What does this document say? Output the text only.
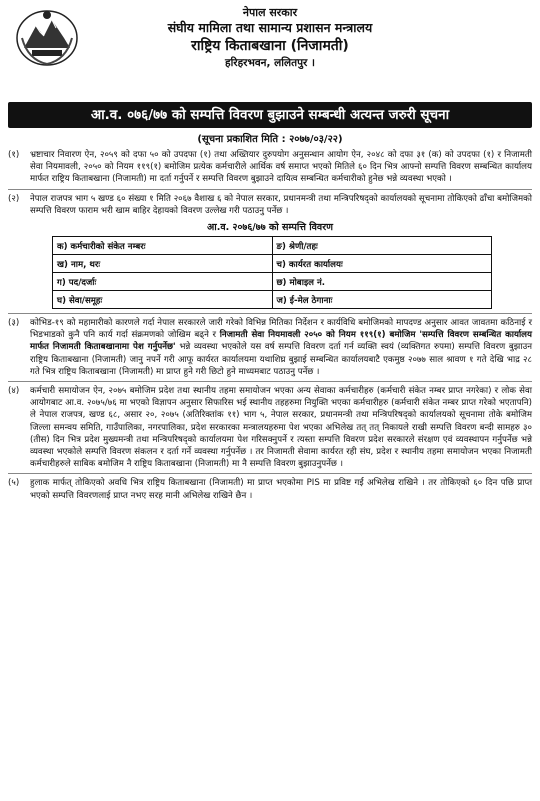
नेपाल सरकार
संघीय मामिला तथा सामान्य प्रशासन मन्त्रालय
राष्ट्रिय किताबखाना (निजामती)
हरिहरभवन, ललितपुर ।
आ.व. ०७६/७७ को सम्पत्ति विवरण बुझाउने सम्बन्धी अत्यन्त जरुरी सूचना
(सूचना प्रकाशित मिति : २०७७/०३/२२)
(१) भ्रष्टाचार निवारण ऐन, २०५९ को दफा ५० को उपदफा (१) तथा अख्तियार दुरुपयोग अनुसन्धान आयोग ऐन, २०४८ को दफा ३१ (क) को उपदफा (१) र निजामती सेवा नियमावली, २०५० को नियम ११९(१) बमोजिम प्रत्येक कर्मचारीले आर्थिक वर्ष समाप्त भएको मितिले ६० दिन भित्र आफ्नो सम्पत्ति विवरण सम्बन्धित कार्यालय मार्फत राष्ट्रिय किताबखाना (निजामती) मा दर्ता गर्नुपर्ने र सम्पत्ति विवरण बुझाउने दायित्व सम्बन्धित कर्मचारीको हुनेछ भन्ने व्यवस्था भएको ।
(२) नेपाल राजपत्र भाग ५ खण्ड ६० संख्या १ मिति २०६७ वैशाख ६ को नेपाल सरकार, प्रधानमन्त्री तथा मन्त्रिपरिषद्को कार्यालयको सूचनामा तोकिएको ढाँचा बमोजिमको सम्पत्ति विवरण फाराम भरी खाम बाहिर देहायको विवरण उल्लेख गरी पठाउनु पर्नेछ ।
आ.व. २०७६/७७ को सम्पत्ति विवरण
क) कर्मचारीको संकेत नम्बरः	ङ) श्रेणी/तहः
ख) नाम, थरः	च) कार्यरत कार्यालयः
ग) पद/दर्जाः	छ) मोबाइल नं.
घ) सेवा/समूहः	ज) ई-मेल ठेगानाः
(३) कोभिड-१९ को महामारीको कारणले गर्दा नेपाल सरकारले जारी गरेको विभिन्न मितिका निर्देशन र कार्यविधि बमोजिमको मापदण्ड अनुसार आवत जावतमा कठिनाई र भिडभाडको कुनै पनि कार्य गर्दा संक्रमणको जोखिम बढ्ने र निजामती सेवा नियमावली २०५० को नियम ११९(१) बमोजिम 'सम्पत्ति विवरण सम्बन्धित कार्यालय मार्फत निजामती किताबखानामा पेश गर्नुपर्नेछ' भन्ने व्यवस्था भएकोले यस वर्ष सम्पत्ति विवरण दर्ता गर्न व्यक्ति स्वयं (व्यक्तिगत रुपमा) सम्पत्ति विवरण बुझाउन राष्ट्रिय किताबखाना (निजामती) जानु नपर्ने गरी आफू कार्यरत कार्यालयमा यथाशिघ्र बुझाई सम्बन्धित कार्यालयबाटै एकमुष्ठ २०७७ साल श्रावण १ गते देखि भाद्र २८ गते भित्र राष्ट्रिय किताबखाना (निजामती) मा प्राप्त हुने गरी छिटो हुने माध्यमबाट पठाउनु पर्नेछ ।
(४) कर्मचारी समायोजन ऐन, २०७५ बमोजिम प्रदेश तथा स्थानीय तहमा समायोजन भएका अन्य सेवाका कर्मचारीहरु (कर्मचारी संकेत नम्बर प्राप्त नगरेका) र लोक सेवा आयोगबाट आ.व. २०७५/७६ मा भएको विज्ञापन अनुसार सिफारिस भई स्थानीय तहहरुमा नियुक्ति भएका कर्मचारीहरु (कर्मचारी संकेत नम्बर प्राप्त गरेको भएतापनि) ले नेपाल राजपत्र, खण्ड ६८, असार २०, २०७५ (अतिरिक्तांक ११) भाग ५, नेपाल सरकार, प्रधानमन्त्री तथा मन्त्रिपरिषद्को कार्यालयको सूचनामा तोके बमोजिम जिल्ला समन्वय समिति, गाउँपालिका, नगरपालिका, प्रदेश सरकारका मन्त्रालयहरुमा पेश भएका अभिलेख तत् तत् निकायले राखी सम्पत्ति विवरण बन्दी सामहरु ३० (तीस) दिन भित्र प्रदेश मुख्यमन्त्री तथा मन्त्रिपरिषद्को कार्यालयमा पेश गरिसक्नुपर्ने र त्यस्ता सम्पत्ति विवरण प्रदेश सरकारले संरक्षण एवं व्यवस्थापन गर्नुपर्नेछ भन्ने व्यवस्था भएकोले सम्पत्ति विवरण संकलन र दर्ता गर्ने व्यवस्था गर्नुपर्नेछ । तर निजामती सेवामा कार्यरत रही संघ, प्रदेश र स्थानीय तहमा समायोजन भएका निजामती कर्मचारीहरुले साबिक बमोजिम नै राष्ट्रिय किताबखाना (निजामती) मा नै सम्पत्ति विवरण बुझाउनुपर्नेछ ।
(५) हुलाक मार्फत् तोकिएको अवधि भित्र राष्ट्रिय किताबखाना (निजामती) मा प्राप्त भएकोमा PIS मा प्रविष्ट गर्ई अभिलेख राखिने । तर तोकिएको ६० दिन पछि प्राप्त भएको सम्पत्ति विवरणलाई प्राप्त नभए सरह मानी अभिलेख राखिने छैन ।
